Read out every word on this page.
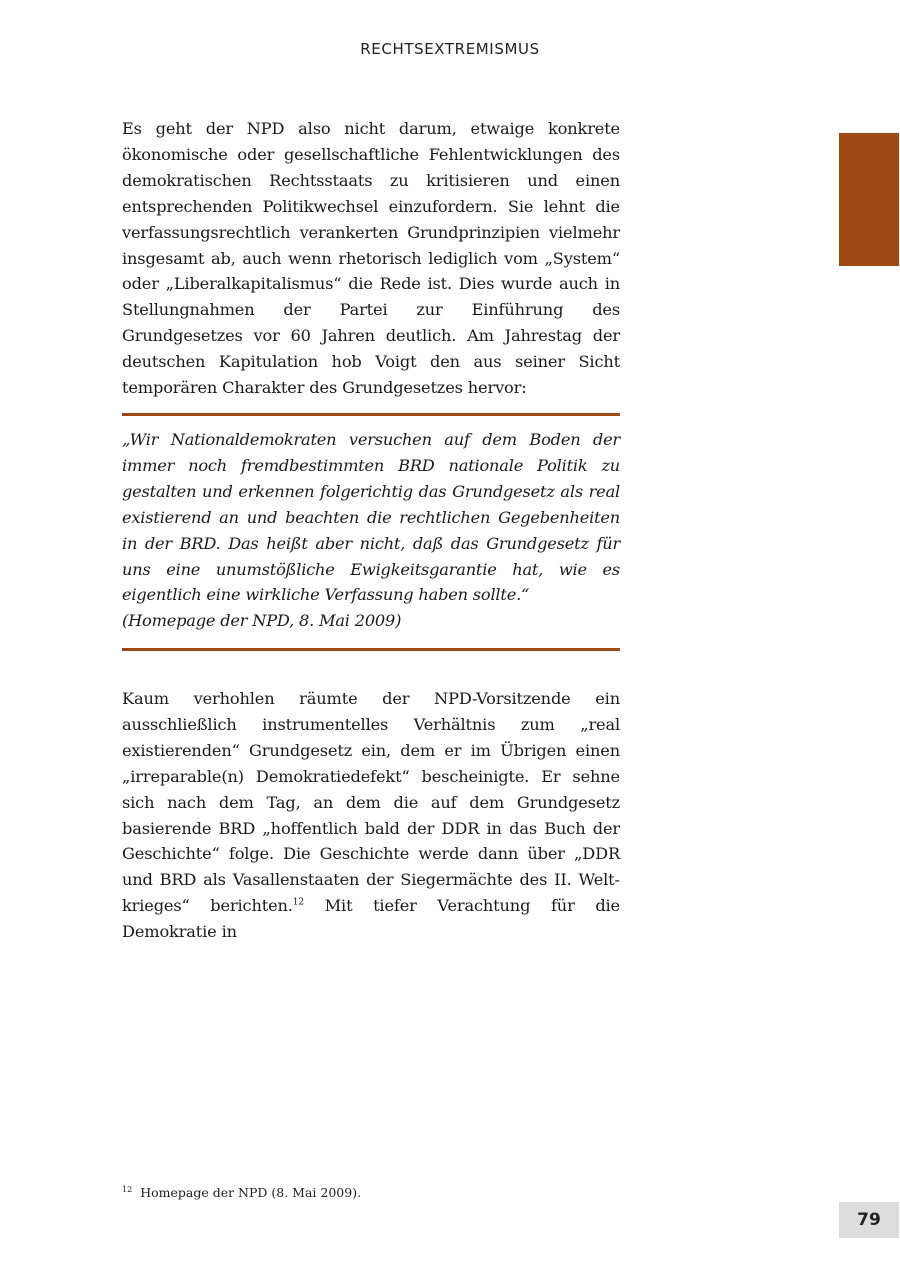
RECHTSEXTREMISMUS

Es geht der NPD also nicht darum, etwaige konkrete ökonomische oder gesellschaftliche Fehlentwicklungen des demokratischen Rechtsstaats zu kritisieren und einen entsprechenden Politikwechsel einzufordern. Sie lehnt die verfassungsrechtlich verankerten Grundprinzipien vielmehr insgesamt ab, auch wenn rhetorisch lediglich vom „System“ oder „Liberalkapitalismus“ die Rede ist. Dies wurde auch in Stellungnahmen der Partei zur Einführung des Grundgesetzes vor 60 Jahren deutlich. Am Jahrestag der deutschen Kapitulation hob Voigt den aus seiner Sicht temporären Charakter des Grundgesetzes hervor:

„Wir Nationaldemokraten versuchen auf dem Boden der immer noch fremdbestimmten BRD nationale Politik zu gestalten und erkennen folgerichtig das Grundgesetz als real existierend an und beachten die rechtlichen Gegebenheiten in der BRD. Das heißt aber nicht, daß das Grundgesetz für uns eine unumstößliche Ewigkeitsgarantie hat, wie es eigentlich eine wirkliche Verfassung haben sollte.“

(Homepage der NPD, 8. Mai 2009)

Kaum verhohlen räumte der NPD-Vorsitzende ein ausschließlich instrumentelles Verhältnis zum „real existierenden“ Grundgesetz ein, dem er im Übrigen einen „irreparable(n) Demokratiedefekt“ bescheinigte. Er sehne sich nach dem Tag, an dem die auf dem Grundgesetz basierende BRD „hoffentlich bald der DDR in das Buch der Geschichte“ folge. Die Geschichte werde dann über „DDR und BRD als Vasallenstaaten der Siegermächte des II. Weltkrieges“ berichten.$^{12}$ Mit tiefer Verachtung für die Demokratie in

$^{12}$ Homepage der NPD (8. Mai 2009).
79
